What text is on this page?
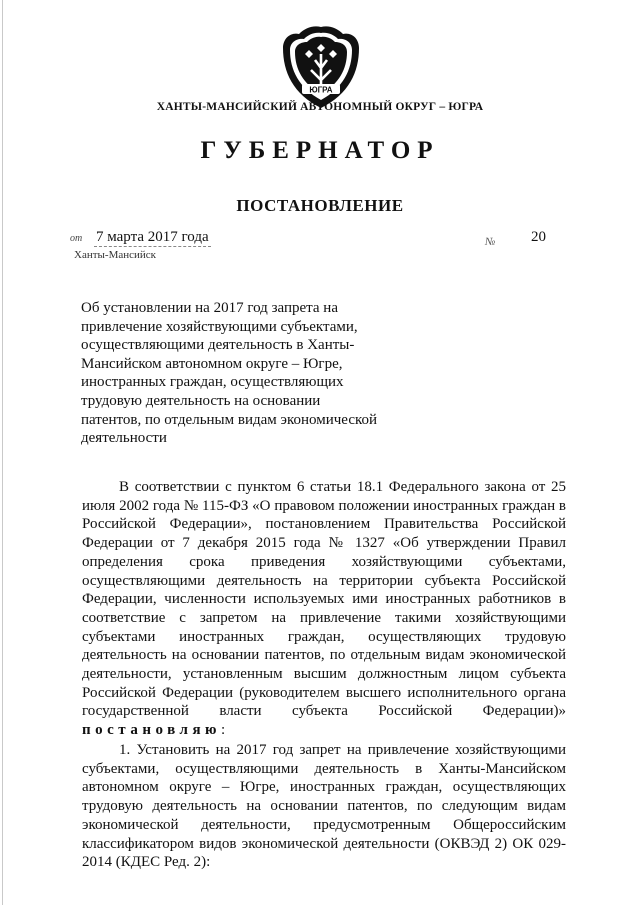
ЮГРА
ХАНТЫ-МАНСИЙСКИЙ АВТОНОМНЫЙ ОКРУГ – ЮГРА
ГУБЕРНАТОР
ПОСТАНОВЛЕНИЕ
от 7 марта 2017 года
Ханты-Мансийск
№ 20
Об установлении на 2017 год запрета на привлечение хозяйствующими субъектами, осуществляющими деятельность в Ханты-Мансийском автономном округе – Югре, иностранных граждан, осуществляющих трудовую деятельность на основании патентов, по отдельным видам экономической деятельности
В соответствии с пунктом 6 статьи 18.1 Федерального закона от 25 июля 2002 года № 115-ФЗ «О правовом положении иностранных граждан в Российской Федерации», постановлением Правительства Российской Федерации от 7 декабря 2015 года № 1327 «Об утверждении Правил определения срока приведения хозяйствующими субъектами, осуществляющими деятельность на территории субъекта Российской Федерации, численности используемых ими иностранных работников в соответствие с запретом на привлечение такими хозяйствующими субъектами иностранных граждан, осуществляющих трудовую деятельность на основании патентов, по отдельным видам экономической деятельности, установленным высшим должностным лицом субъекта Российской Федерации (руководителем высшего исполнительного органа государственной власти субъекта Российской Федерации)» постановляю:
1. Установить на 2017 год запрет на привлечение хозяйствующими субъектами, осуществляющими деятельность в Ханты-Мансийском автономном округе – Югре, иностранных граждан, осуществляющих трудовую деятельность на основании патентов, по следующим видам экономической деятельности, предусмотренным Общероссийским классификатором видов экономической деятельности (ОКВЭД 2) ОК 029-2014 (КДЕС Ред. 2):
